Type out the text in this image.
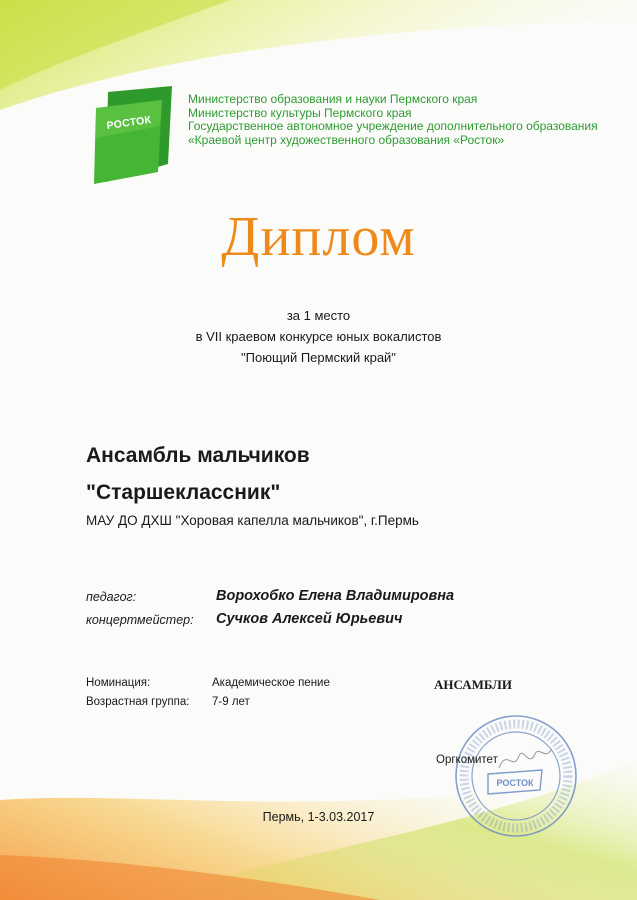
РОСТОК
Министерство образования и науки Пермского края
Министерство культуры Пермского края
Государственное автономное учреждение дополнительного образования
«Краевой центр художественного образования «Росток»
Диплом
за 1 место
в VII краевом конкурсе юных вокалистов
"Поющий Пермский край"
Ансамбль мальчиков
"Старшеклассник"
МАУ ДО ДХШ "Хоровая капелла мальчиков", г.Пермь
педагог:	Ворохобко Елена Владимировна
концертмейстер: Сучков Алексей Юрьевич
Номинация:	Академическое пение
Возрастная группа: 7-9 лет
АНСАМБЛИ
РОСТОК
Оргкомитет
Пермь, 1-3.03.2017
